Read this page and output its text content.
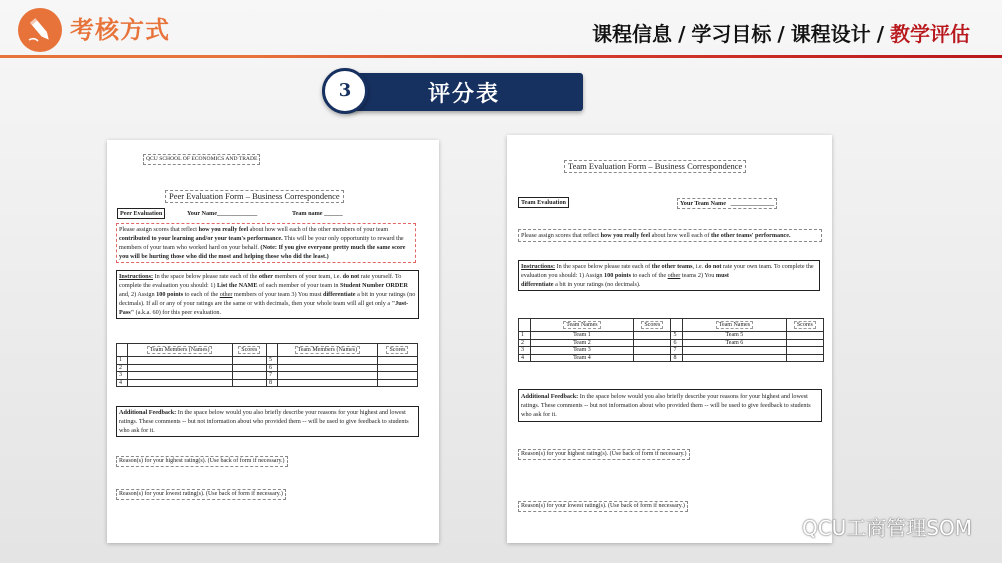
考核方式	课程信息 / 学习目标 / 课程设计 / 教学评估
评分表
3
QCU SCHOOL OF ECONOMICS AND TRADE
Peer Evaluation Form – Business Correspondence
Peer Evaluation	Your Name_____________	Team name ______
Please assign scores that reflect how you really feel about how well each of the other members of your team contributed to your learning and/or your team's performance. This will be your only opportunity to reward the members of your team who worked hard on your behalf. (Note: If you give everyone pretty much the same score you will be hurting those who did the most and helping those who did the least.)
Instructions: In the space below please rate each of the other members of your team, i.e. do not rate yourself. To complete the evaluation you should: 1) List the NAME of each member of your team in Student Number ORDER and, 2) Assign 100 points to each of the other members of your team 3) You must differentiate a bit in your ratings (no decimals). If all or any of your ratings are the same or with decimals, then your whole team will all get only a "Just-Pass" (a.k.a. 60) for this peer evaluation.
	Team Members (Names)	Scores		Team Members (Names)	Scores
1			5		
2			6		
3			7		
4			8		
Additional Feedback: In the space below would you also briefly describe your reasons for your highest and lowest ratings. These comments -- but not information about who provided them -- will be used to give feedback to students who ask for it.
Reason(s) for your highest rating(s). (Use back of form if necessary.)
Reason(s) for your lowest rating(s). (Use back of form if necessary.)
Team Evaluation Form – Business Correspondence
Team Evaluation	Your Team Name   ______________
Please assign scores that reflect how you really feel about how well each of the other teams' performance.
Instructions: In the space below please rate each of the other teams, i.e. do not rate your own team. To complete the evaluation you should: 1) Assign 100 points to each of the other teams 2) You must
differentiate a bit in your ratings (no decimals).
	Team Names	Scores		Team Names	Scores
1	Team 1		5	Team 5	
2	Team 2		6	Team 6	
3	Team 3		7		
4	Team 4		8		
Additional Feedback: In the space below would you also briefly describe your reasons for your highest and lowest ratings. These comments -- but not information about who provided them -- will be used to give feedback to students who ask for it.
Reason(s) for your highest rating(s). (Use back of form if necessary.)
Reason(s) for your lowest rating(s). (Use back of form if necessary.)
QCU工商管理SOM
